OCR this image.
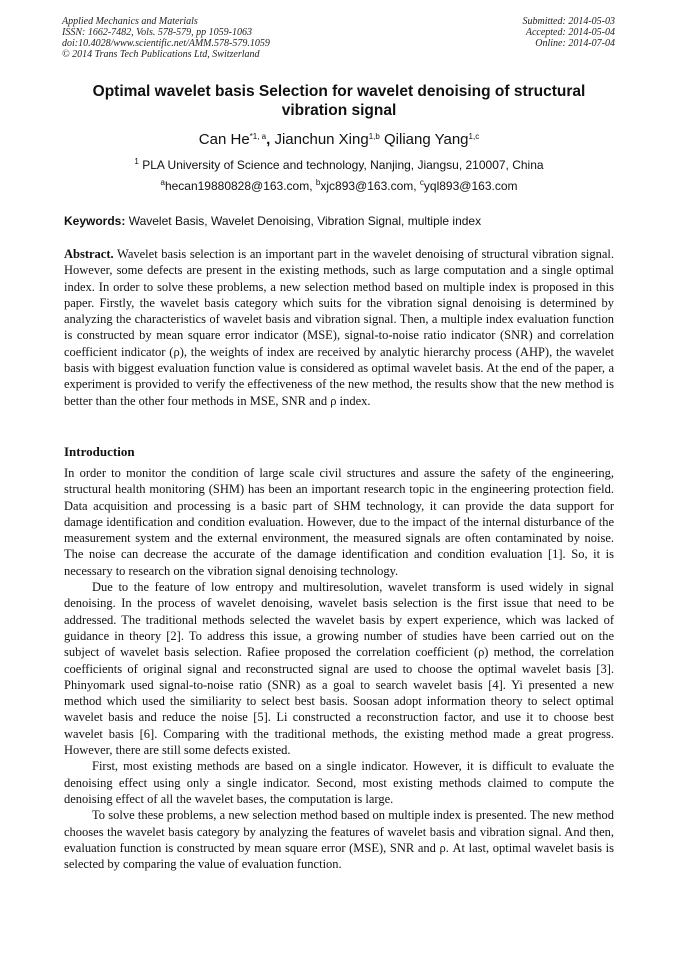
Applied Mechanics and Materials
ISSN: 1662-7482, Vols. 578-579, pp 1059-1063
doi:10.4028/www.scientific.net/AMM.578-579.1059
© 2014 Trans Tech Publications Ltd, Switzerland
Submitted: 2014-05-03
Accepted: 2014-05-04
Online: 2014-07-04
Optimal wavelet basis Selection for wavelet denoising of structural vibration signal
Can He$^{*1, a}$, Jianchun Xing$^{1,b}$ Qiliang Yang$^{1,c}$
$^1$ PLA University of Science and technology, Nanjing, Jiangsu, 210007, China
$^a$hecan19880828@163.com, $^b$xjc893@163.com, $^c$yql893@163.com
Keywords: Wavelet Basis, Wavelet Denoising, Vibration Signal, multiple index
Abstract. Wavelet basis selection is an important part in the wavelet denoising of structural vibration signal. However, some defects are present in the existing methods, such as large computation and a single optimal index. In order to solve these problems, a new selection method based on multiple index is proposed in this paper. Firstly, the wavelet basis category which suits for the vibration signal denoising is determined by analyzing the characteristics of wavelet basis and vibration signal. Then, a multiple index evaluation function is constructed by mean square error indicator (MSE), signal-to-noise ratio indicator (SNR) and correlation coefficient indicator (ρ), the weights of index are received by analytic hierarchy process (AHP), the wavelet basis with biggest evaluation function value is considered as optimal wavelet basis. At the end of the paper, a experiment is provided to verify the effectiveness of the new method, the results show that the new method is better than the other four methods in MSE, SNR and ρ index.
Introduction

In order to monitor the condition of large scale civil structures and assure the safety of the engineering, structural health monitoring (SHM) has been an important research topic in the engineering protection field. Data acquisition and processing is a basic part of SHM technology, it can provide the data support for damage identification and condition evaluation. However, due to the impact of the internal disturbance of the measurement system and the external environment, the measured signals are often contaminated by noise. The noise can decrease the accurate of the damage identification and condition evaluation [1]. So, it is necessary to research on the vibration signal denoising technology.

Due to the feature of low entropy and multiresolution, wavelet transform is used widely in signal denoising. In the process of wavelet denoising, wavelet basis selection is the first issue that need to be addressed. The traditional methods selected the wavelet basis by expert experience, which was lacked of guidance in theory [2]. To address this issue, a growing number of studies have been carried out on the subject of wavelet basis selection. Rafiee proposed the correlation coefficient (ρ) method, the correlation coefficients of original signal and reconstructed signal are used to choose the optimal wavelet basis [3]. Phinyomark used signal-to-noise ratio (SNR) as a goal to search wavelet basis [4]. Yi presented a new method which used the similiarity to select best basis. Soosan adopt information theory to select optimal wavelet basis and reduce the noise [5]. Li constructed a reconstruction factor, and use it to choose best wavelet basis [6]. Comparing with the traditional methods, the existing method made a great progress. However, there are still some defects existed.

First, most existing methods are based on a single indicator. However, it is difficult to evaluate the denoising effect using only a single indicator. Second, most existing methods claimed to compute the denoising effect of all the wavelet bases, the computation is large.

To solve these problems, a new selection method based on multiple index is presented. The new method chooses the wavelet basis category by analyzing the features of wavelet basis and vibration signal. And then, evaluation function is constructed by mean square error (MSE), SNR and ρ. At last, optimal wavelet basis is selected by comparing the value of evaluation function.
